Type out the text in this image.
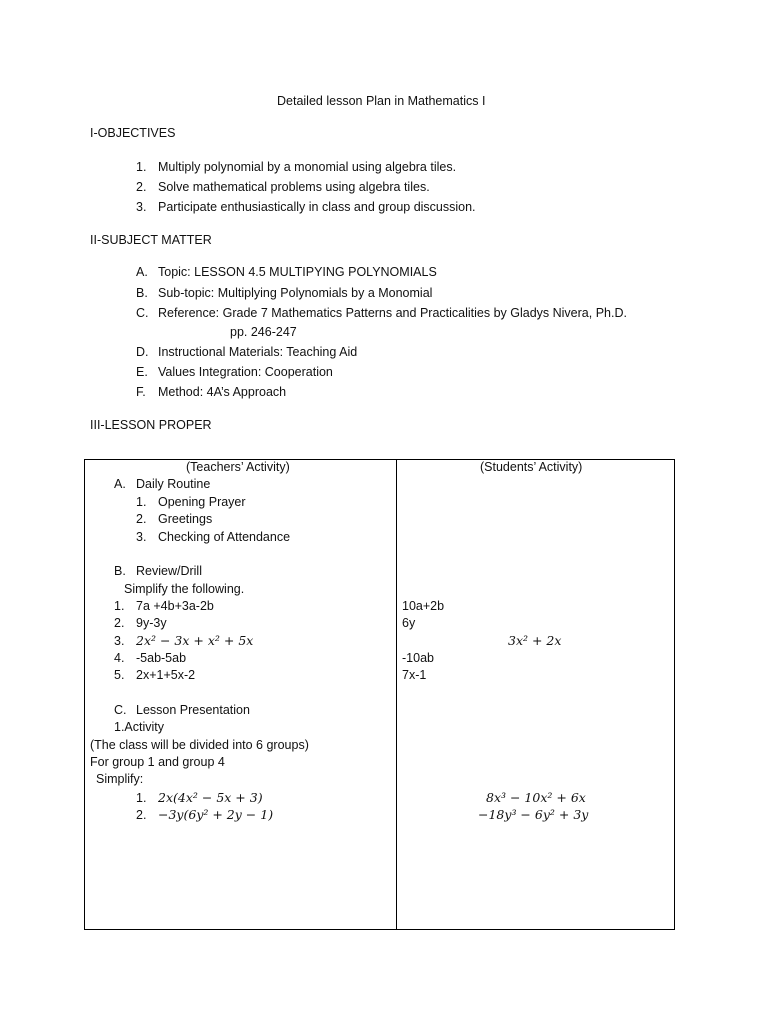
Detailed lesson Plan in Mathematics I
I-OBJECTIVES
1. Multiply polynomial by a monomial using algebra tiles.
2. Solve mathematical problems using algebra tiles.
3. Participate enthusiastically in class and group discussion.
II-SUBJECT MATTER
A. Topic: LESSON 4.5 MULTIPYING POLYNOMIALS
B. Sub-topic: Multiplying Polynomials by a Monomial
C. Reference: Grade 7 Mathematics Patterns and Practicalities by Gladys Nivera, Ph.D.
pp. 246-247
D. Instructional Materials: Teaching Aid
E. Values Integration: Cooperation
F. Method: 4A’s Approach
III-LESSON PROPER
(Teachers’ Activity)	(Students’ Activity)
A. Daily Routine
1. Opening Prayer
2. Greetings
3. Checking of Attendance
B. Review/Drill
Simplify the following.
1. 7a +4b+3a-2b
2. 9y-3y
3. 2x² − 3x + x² + 5x
4. -5ab-5ab
5. 2x+1+5x-2
10a+2b
6y
3x² + 2x
-10ab
7x-1
C. Lesson Presentation
1.Activity
(The class will be divided into 6 groups)
For group 1 and group 4
Simplify:
1. 2x(4x² − 5x + 3)
2. −3y(6y² + 2y − 1)
8x³ − 10x² + 6x
−18y³ − 6y² + 3y
